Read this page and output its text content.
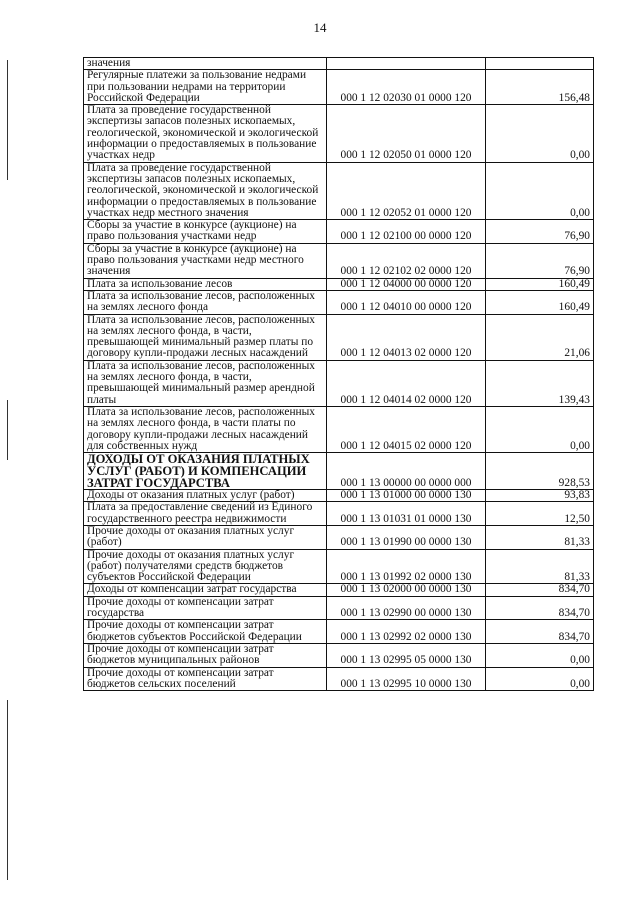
14
значения		
Регулярные платежи за пользование недрами при пользовании недрами на территории Российской Федерации	000 1 12 02030 01 0000 120	156,48
Плата за проведение государственной экспертизы запасов полезных ископаемых, геологической, экономической и экологической информации о предоставляемых в пользование участках недр	000 1 12 02050 01 0000 120	0,00
Плата за проведение государственной экспертизы запасов полезных ископаемых, геологической, экономической и экологической информации о предоставляемых в пользование участках недр местного значения	000 1 12 02052 01 0000 120	0,00
Сборы за участие в конкурсе (аукционе) на право пользования участками недр	000 1 12 02100 00 0000 120	76,90
Сборы за участие в конкурсе (аукционе) на право пользования участками недр местного значения	000 1 12 02102 02 0000 120	76,90
Плата за использование лесов	000 1 12 04000 00 0000 120	160,49
Плата за использование лесов, расположенных на землях лесного фонда	000 1 12 04010 00 0000 120	160,49
Плата за использование лесов, расположенных на землях лесного фонда, в части, превышающей минимальный размер платы по договору купли-продажи лесных насаждений	000 1 12 04013 02 0000 120	21,06
Плата за использование лесов, расположенных на землях лесного фонда, в части, превышающей минимальный размер арендной платы	000 1 12 04014 02 0000 120	139,43
Плата за использование лесов, расположенных на землях лесного фонда, в части платы по договору купли-продажи лесных насаждений для собственных нужд	000 1 12 04015 02 0000 120	0,00
ДОХОДЫ ОТ ОКАЗАНИЯ ПЛАТНЫХ УСЛУГ (РАБОТ) И КОМПЕНСАЦИИ ЗАТРАТ ГОСУДАРСТВА	000 1 13 00000 00 0000 000	928,53
Доходы от оказания платных услуг (работ)	000 1 13 01000 00 0000 130	93,83
Плата за предоставление сведений из Единого государственного реестра недвижимости	000 1 13 01031 01 0000 130	12,50
Прочие доходы от оказания платных услуг (работ)	000 1 13 01990 00 0000 130	81,33
Прочие доходы от оказания платных услуг (работ) получателями средств бюджетов субъектов Российской Федерации	000 1 13 01992 02 0000 130	81,33
Доходы от компенсации затрат государства	000 1 13 02000 00 0000 130	834,70
Прочие доходы от компенсации затрат государства	000 1 13 02990 00 0000 130	834,70
Прочие доходы от компенсации затрат бюджетов субъектов Российской Федерации	000 1 13 02992 02 0000 130	834,70
Прочие доходы от компенсации затрат бюджетов муниципальных районов	000 1 13 02995 05 0000 130	0,00
Прочие доходы от компенсации затрат бюджетов сельских поселений	000 1 13 02995 10 0000 130	0,00
